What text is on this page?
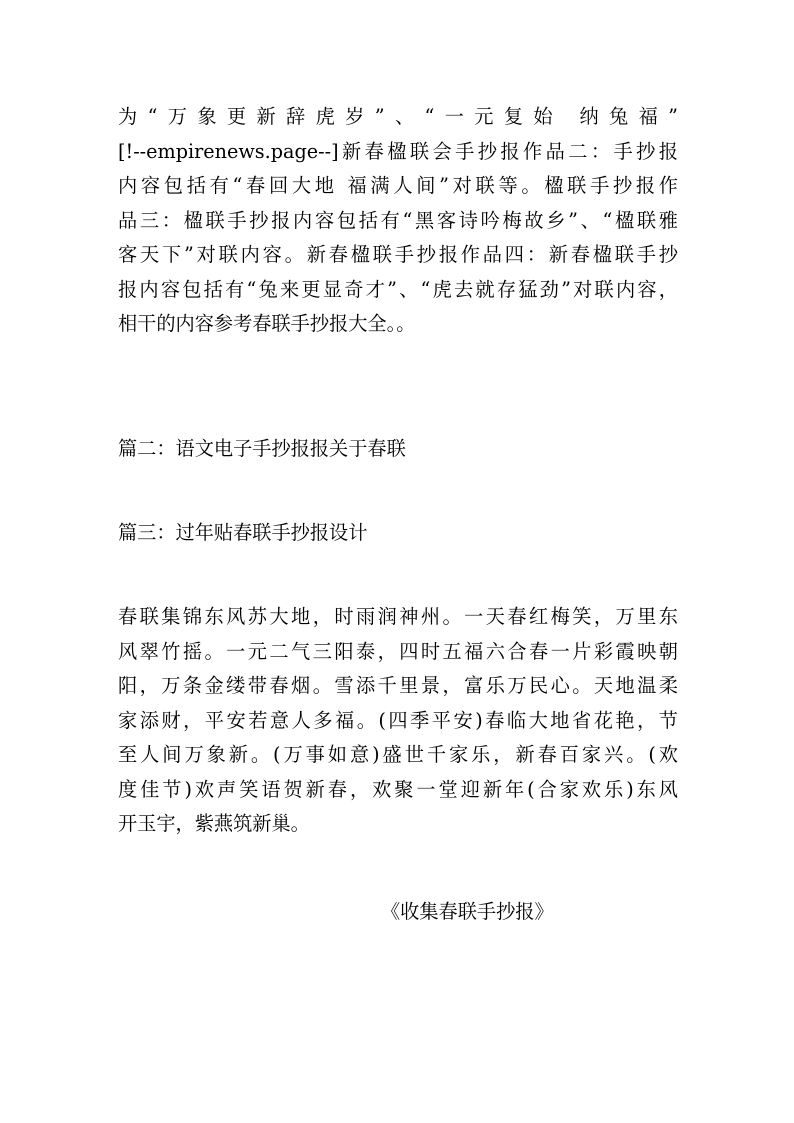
为“万象更新辞虎岁”、“一元复始 纳兔福”
[!--empirenews.page--]新春楹联会手抄报作品二：手抄报
内容包括有“春回大地 福满人间”对联等。楹联手抄报作
品三：楹联手抄报内容包括有“黑客诗吟梅故乡”、“楹联雅
客天下”对联内容。新春楹联手抄报作品四：新春楹联手抄
报内容包括有“兔来更显奇才”、“虎去就存猛劲”对联内容，
相干的内容参考春联手抄报大全。。
篇二：语文电子手抄报报关于春联
篇三：过年贴春联手抄报设计
春联集锦东风苏大地，时雨润神州。一天春红梅笑，万里东
风翠竹摇。一元二气三阳泰，四时五福六合春一片彩霞映朝
阳，万条金缕带春烟。雪添千里景，富乐万民心。天地温柔
家添财，平安若意人多福。(四季平安)春临大地省花艳，节
至人间万象新。(万事如意)盛世千家乐，新春百家兴。(欢
度佳节)欢声笑语贺新春，欢聚一堂迎新年(合家欢乐)东风
开玉宇，紫燕筑新巢。
《收集春联手抄报》
